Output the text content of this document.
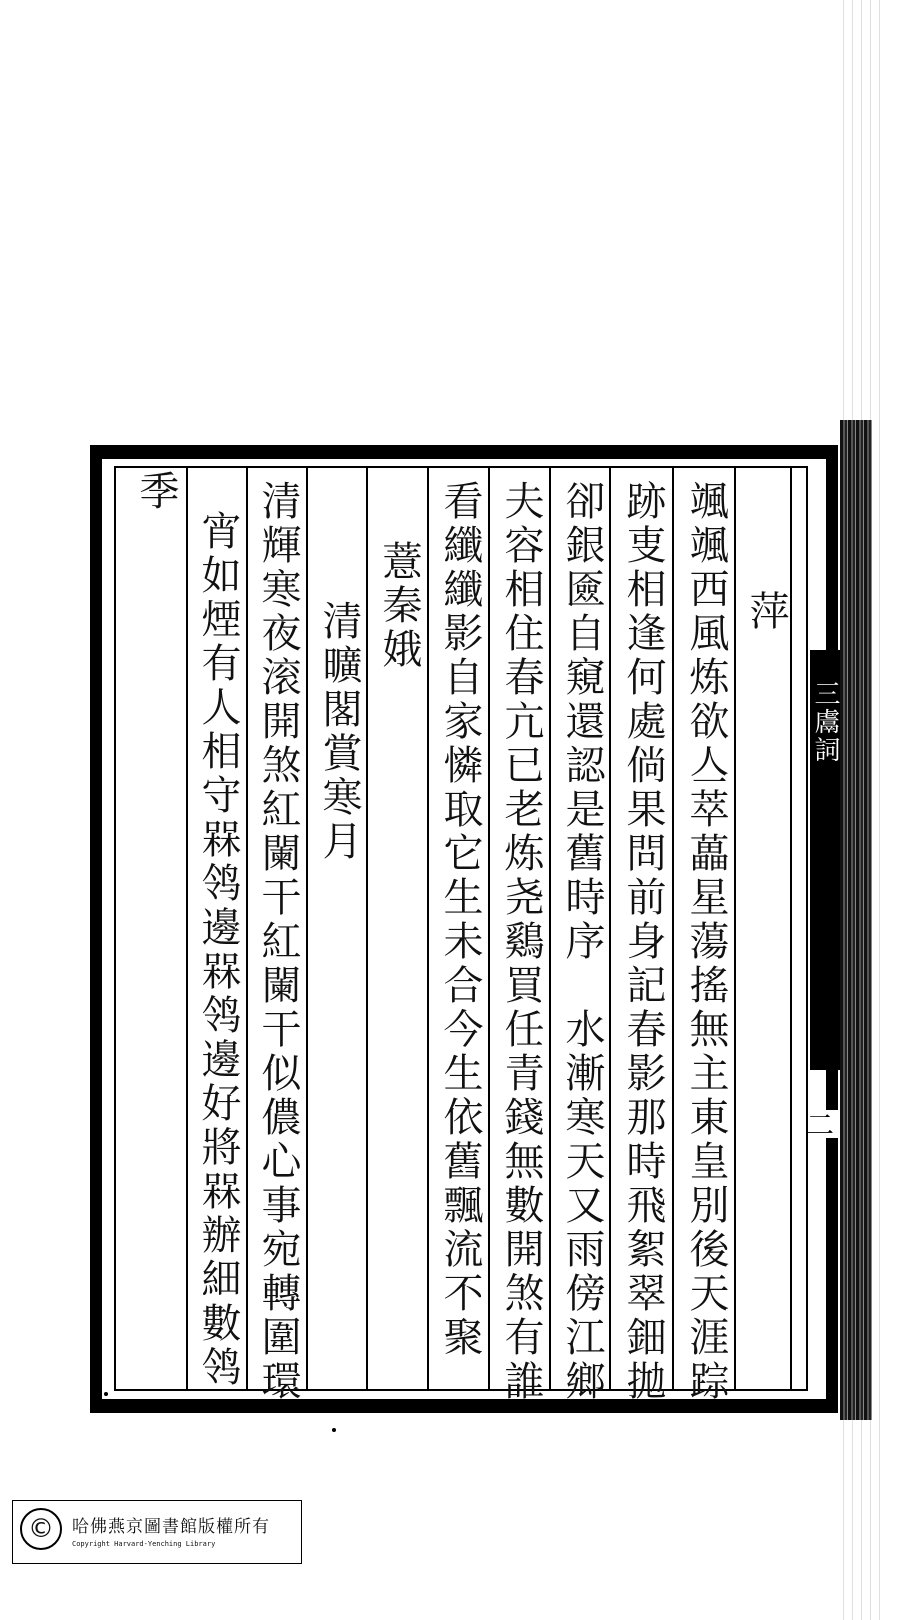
三鬳詞
二
萍
颯颯西風炼欲亼萃藟星蕩搖無主東皇別後天涯踪
跡叓相逢何處倘果問前身記春影那時飛絮翠鈿拋
卻銀匳自窺還認是舊時序　水漸寒天又雨傍江鄉
夫容相住春亢已老炼尧鷄買任青錢無數開煞有誰
看纖纖影自家憐取它生未合今生依舊飄流不聚
薏秦娥
清曠閣賞寒月
清輝寒夜滚開煞紅闌干紅闌干似儂心事宛轉圍環
宵如煙有人相守槑鸰邊槑鸰邊好將槑辦細數鸰
季
©	哈佛燕京圖書館版權所有
Copyright Harvard-Yenching Library
